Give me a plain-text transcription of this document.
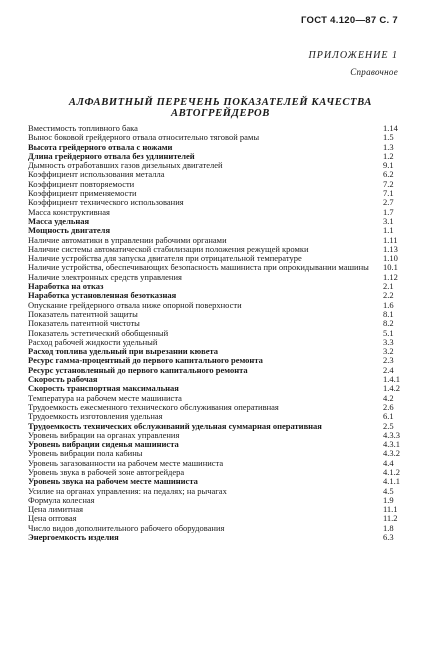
ГОСТ 4.120—87 С. 7
ПРИЛОЖЕНИЕ 1
Справочное
АЛФАВИТНЫЙ ПЕРЕЧЕНЬ ПОКАЗАТЕЛЕЙ КАЧЕСТВА АВТОГРЕЙДЕРОВ
Вместимость топливного бака	1.14
Вынос боковой грейдерного отвала относительно тяговой рамы	1.5
Высота грейдерного отвала с ножами	1.3
Длина грейдерного отвала без удлинителей	1.2
Дымность отработавших газов дизельных двигателей	9.1
Коэффициент использования металла	6.2
Коэффициент повторяемости	7.2
Коэффициент применяемости	7.1
Коэффициент технического использования	2.7
Масса конструктивная	1.7
Масса удельная	3.1
Мощность двигателя	1.1
Наличие автоматики в управлении рабочими органами	1.11
Наличие системы автоматической стабилизации положения режущей кромки	1.13
Наличие устройства для запуска двигателя при отрицательной температуре	1.10
Наличие устройства, обеспечивающих безопасность машиниста при опрокидывании машины	10.1
Наличие электронных средств управления	1.12
Наработка на отказ	2.1
Наработка установленная безотказная	2.2
Опускание грейдерного отвала ниже опорной поверхности	1.6
Показатель патентной защиты	8.1
Показатель патентной чистоты	8.2
Показатель эстетический обобщенный	5.1
Расход рабочей жидкости удельный	3.3
Расход топлива удельный при вырезании кювета	3.2
Ресурс гамма-процентный до первого капитального ремонта	2.3
Ресурс установленный до первого капитального ремонта	2.4
Скорость рабочая	1.4.1
Скорость транспортная максимальная	1.4.2
Температура на рабочем месте машиниста	4.2
Трудоемкость ежесменного технического обслуживания оперативная	2.6
Трудоемкость изготовления удельная	6.1
Трудоемкость технических обслуживаний удельная суммарная оперативная	2.5
Уровень вибрации на органах управления	4.3.3
Уровень вибрации сиденья машиниста	4.3.1
Уровень вибрации пола кабины	4.3.2
Уровень загазованности на рабочем месте машиниста	4.4
Уровень звука в рабочей зоне автогрейдера	4.1.2
Уровень звука на рабочем месте машиниста	4.1.1
Усилие на органах управления: на педалях; на рычагах	4.5
Формула колесная	1.9
Цена лимитная	11.1
Цена оптовая	11.2
Число видов дополнительного рабочего оборудования	1.8
Энергоемкость изделия	6.3
